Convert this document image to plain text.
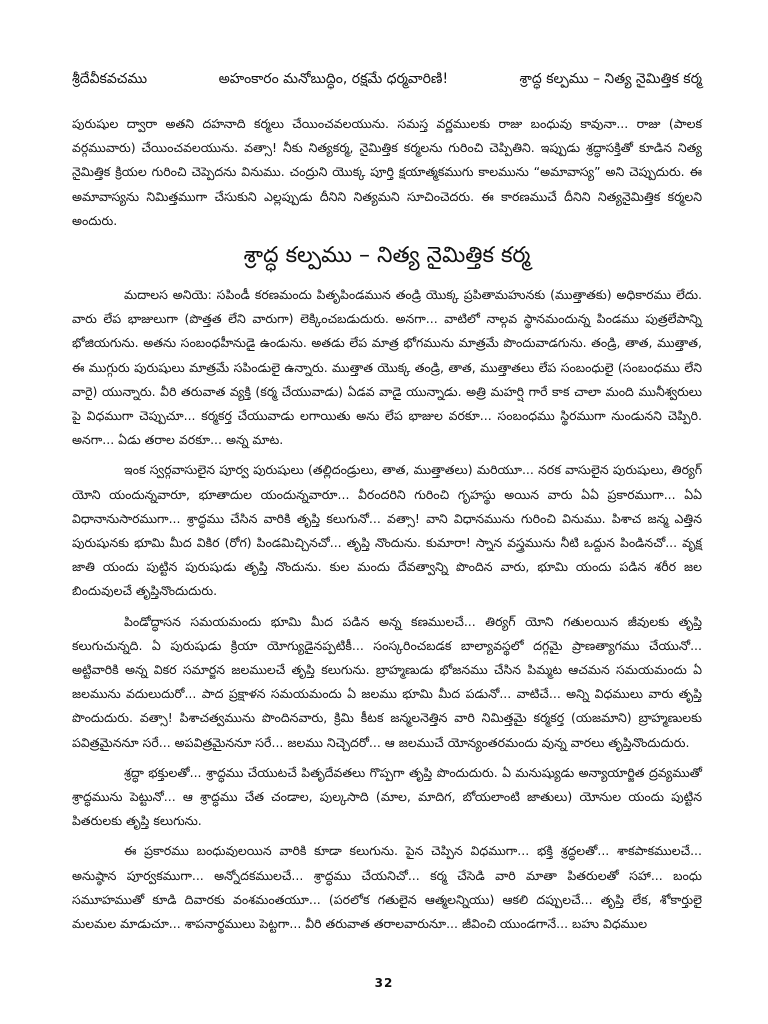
శ్రీదేవీకవచము	అహంకారం మనోబుద్ధిం, రక్షమే ధర్మవారిణి!	శ్రాద్ధ కల్పము – నిత్య నైమిత్తిక కర్మ

పురుషుల ద్వారా అతని దహనాది కర్మలు చేయించవలయును. సమస్త వర్ణములకు రాజు బంధువు కావునా... రాజు (పాలక వర్గమువారు) చేయించవలయును. వత్సా! నీకు నిత్యకర్మ, నైమిత్తిక కర్మలను గురించి చెప్పితిని. ఇప్పుడు శ్రద్ధాసక్తితో కూడిన నిత్య నైమిత్తిక క్రియల గురించి చెప్పెదను వినుము. చంద్రుని యొక్క పూర్తి క్షయాత్మకముగు కాలమును “అమావాస్య” అని చెప్పుదురు. ఈ అమావాస్యను నిమిత్తముగా చేసుకుని ఎల్లప్పుడు దీనిని నిత్యమని సూచించెదరు. ఈ కారణముచే దీనిని నిత్యనైమిత్తిక కర్మలని అందురు.

శ్రాద్ధ కల్పము – నిత్య నైమిత్తిక కర్మ

మదాలస అనియె: సపిండీ కరణమందు పితృపిండమున తండ్రి యొక్క ప్రపితామహునకు (ముత్తాతకు) అధికారము లేదు. వారు లేప భాజులుగా (పొత్తత లేని వారుగా) లెక్కించబడుదురు. అనగా... వాటిలో నాల్గవ స్థానమందున్న పిండము పుత్రలేపాన్ని భోజియగును. అతను సంబంధహీనుడై ఉండును. అతడు లేప మాత్ర భోగమును మాత్రమే పొందువాడగును. తండ్రి, తాత, ముత్తాత, ఈ ముగ్గురు పురుషులు మాత్రమే సపిండులై ఉన్నారు. ముత్తాత యొక్క తండ్రి, తాత, ముత్తాతలు లేప సంబంధులై (సంబంధము లేని వారై) యున్నారు. వీరి తరువాత వ్యక్తి (కర్మ చేయువాడు) ఏడవ వాడై యున్నాడు. అత్రి మహర్షి గారే కాక చాలా మంది మునీశ్వరులు పై విధముగా చెప్పుచూ... కర్మకర్త చేయువాడు లగాయితు అను లేప భాజుల వరకూ... సంబంధము స్థిరముగా నుండునని చెప్పిరి. అనగా... ఏడు తరాల వరకూ... అన్న మాట.

ఇంక స్వర్గవాసులైన పూర్వ పురుషులు (తల్లిదండ్రులు, తాత, ముత్తాతలు) మరియూ... నరక వాసులైన పురుషులు, తిర్యగ్ యోని యందున్నవారూ, భూతాదుల యందున్నవారూ... వీరందరిని గురించి గృహస్థు అయిన వారు ఏఏ ప్రకారముగా... ఏఏ విధానానుసారముగా... శ్రాద్ధము చేసిన వారికి తృప్తి కలుగునో... వత్సా! వాని విధానమును గురించి వినుము. పిశాచ జన్మ ఎత్తిన పురుషునకు భూమి మీద వికిర (రోగ) పిండమిచ్చినచో... తృప్తి నొందును. కుమారా! స్నాన వస్త్రమును నీటి ఒద్దున పిండినచో... వృక్ష జాతి యందు పుట్టిన పురుషుడు తృప్తి నొందును. కుల మందు దేవత్వాన్ని పొందిన వారు, భూమి యందు పడిన శరీర జల బిందువులచే తృప్తినొందుదురు.

పిండోద్ధాసన సమయమందు భూమి మీద పడిన అన్న కణములచే... తిర్యగ్ యోని గతులయిన జీవులకు తృప్తి కలుగుచున్నది. ఏ పురుషుడు క్రియా యోగ్యుడైనప్పటికీ... సంస్కరించబడక బాల్యావస్థలో దగ్గమై ప్రాణత్యాగము చేయునో... అట్టివారికి అన్న వికర సమార్జన జలములచే తృప్తి కలుగును. బ్రాహ్మణుడు భోజనము చేసిన పిమ్మట ఆచమన సమయమందు ఏ జలమును వదులుదురో... పాద ప్రక్షాళన సమయమందు ఏ జలము భూమి మీద పడునో... వాటిచే... అన్ని విధములు వారు తృప్తి పొందుదురు. వత్సా! పిశాచత్వమును పొందినవారు, క్రిమి కీటక జన్మలనెత్తిన వారి నిమిత్తమై కర్మకర్త (యజమాని) బ్రాహ్మణులకు పవిత్రమైననూ సరే... అపవిత్రమైననూ సరే... జలము నిచ్చెదరో... ఆ జలముచే యోన్యంతరమందు వున్న వారలు తృప్తినొందుదురు.

శ్రద్ధా భక్తులతో... శ్రాద్ధము చేయుటచే పితృదేవతలు గొప్పగా తృప్తి పొందుదురు. ఏ మనుష్యుడు అన్యాయార్జిత ద్రవ్యముతో శ్రాద్ధమును పెట్టునో... ఆ శ్రాద్ధము చేత చండాల, పుల్కసాది (మాల, మాదిగ, బోయలాంటి జాతులు) యోనుల యందు పుట్టిన పితరులకు తృప్తి కలుగును.

ఈ ప్రకారము బంధువులయిన వారికి కూడా కలుగును. పైన చెప్పిన విధముగా... భక్తి శ్రద్ధలతో... శాకపాకములచే... అనుష్ఠాన పూర్వకముగా... అన్నోదకములచే... శ్రాద్ధము చేయనిచో... కర్మ చేసెడి వారి మాతా పితరులతో సహా... బంధు సమూహముతో కూడి దివారకు వంశమంతయూ... (పరలోక గతులైన ఆత్మలన్నియు) ఆకలి దప్పులచే... తృప్తి లేక, శోకార్తులై మలమల మాడుచూ... శాపనార్థములు పెట్టగా... వీరి తరువాత తరాలవారునూ... జీవించి యుండగానే... బహు విధముల

32
